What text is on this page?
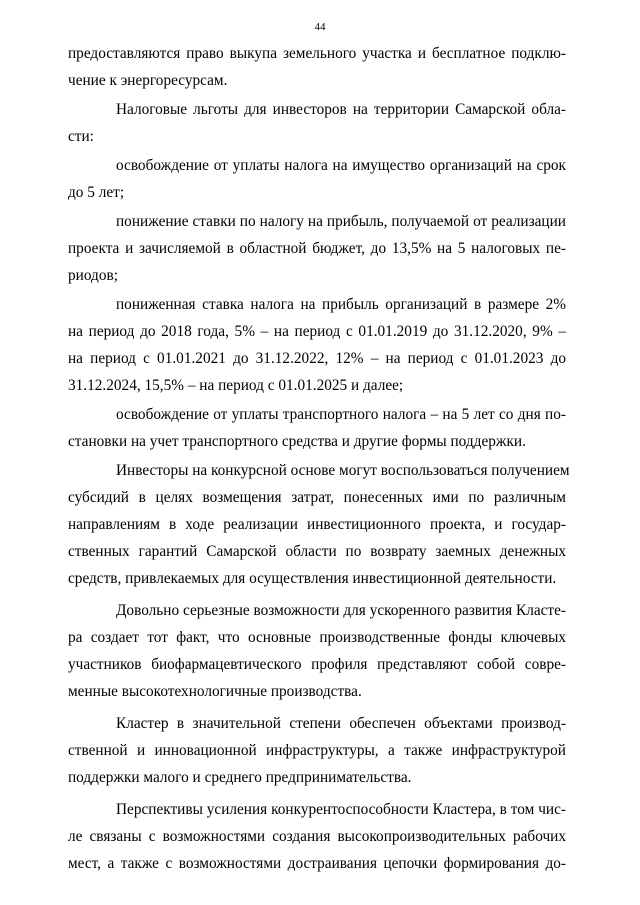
44
предоставляются право выкупа земельного участка и бесплатное подклю-
чение к энергоресурсам.
Налоговые льготы для инвесторов на территории Самарской обла-
сти:
освобождение от уплаты налога на имущество организаций на срок
до 5 лет;
понижение ставки по налогу на прибыль, получаемой от реализации
проекта и зачисляемой в областной бюджет, до 13,5% на 5 налоговых пе-
риодов;
пониженная ставка налога на прибыль организаций в размере 2%
на период до 2018 года, 5% – на период с 01.01.2019 до 31.12.2020, 9% –
на период с 01.01.2021 до 31.12.2022, 12% – на период с 01.01.2023 до
31.12.2024, 15,5% – на период с 01.01.2025 и далее;
освобождение от уплаты транспортного налога – на 5 лет со дня по-
становки на учет транспортного средства и другие формы поддержки.
Инвесторы на конкурсной основе могут воспользоваться получением
субсидий в целях возмещения затрат, понесенных ими по различным
направлениям в ходе реализации инвестиционного проекта, и государ-
ственных гарантий Самарской области по возврату заемных денежных
средств, привлекаемых для осуществления инвестиционной деятельности.
Довольно серьезные возможности для ускоренного развития Класте-
ра создает тот факт, что основные производственные фонды ключевых
участников биофармацевтического профиля представляют собой совре-
менные высокотехнологичные производства.
Кластер в значительной степени обеспечен объектами производ-
ственной и инновационной инфраструктуры, а также инфраструктурой
поддержки малого и среднего предпринимательства.
Перспективы усиления конкурентоспособности Кластера, в том чис-
ле связаны с возможностями создания высокопроизводительных рабочих
мест, а также с возможностями достраивания цепочки формирования до-
